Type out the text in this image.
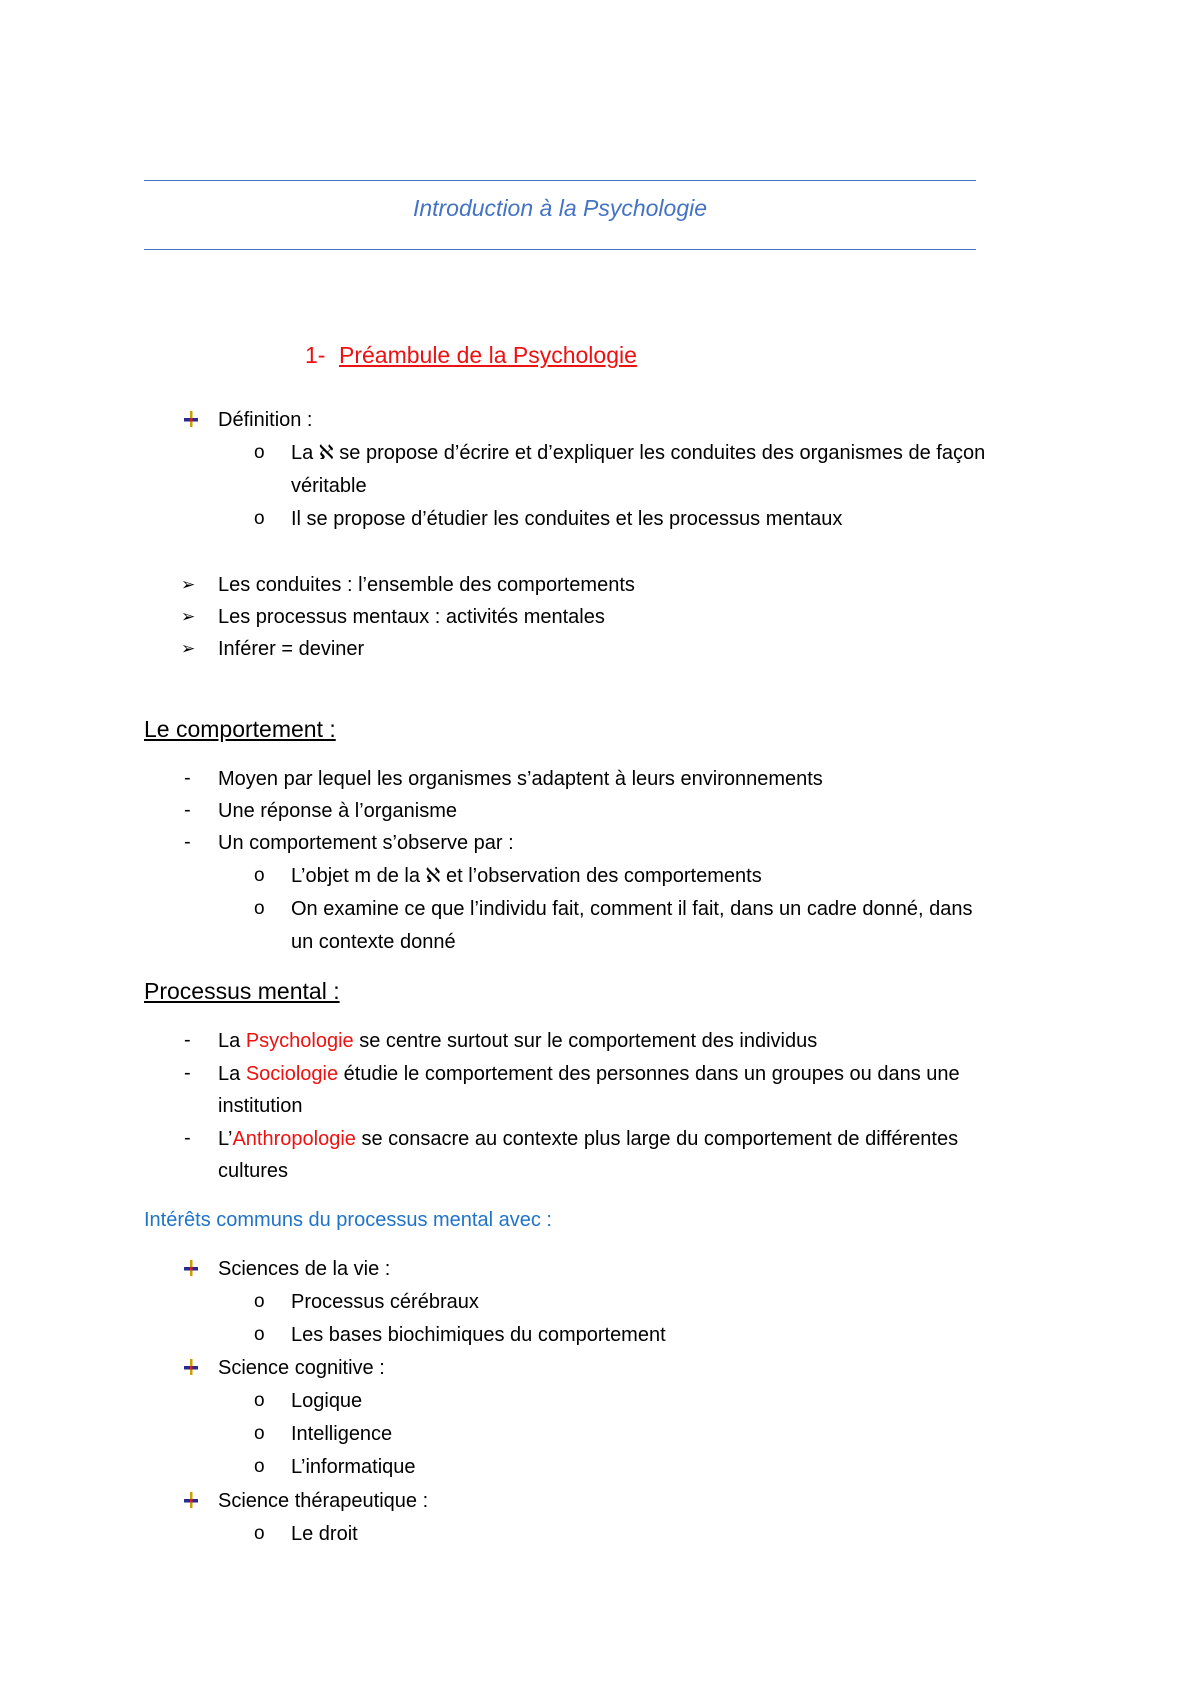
Introduction à la Psychologie
1- Préambule de la Psychologie
Définition :
o La ℵ se propose d’écrire et d’expliquer les conduites des organismes de façon
véritable
o Il se propose d’étudier les conduites et les processus mentaux
➢ Les conduites : l’ensemble des comportements
➢ Les processus mentaux : activités mentales
➢ Inférer = deviner
Le comportement :
- Moyen par lequel les organismes s’adaptent à leurs environnements
- Une réponse à l’organisme
- Un comportement s’observe par :
o L’objet m de la ℵ et l’observation des comportements
o On examine ce que l’individu fait, comment il fait, dans un cadre donné, dans
un contexte donné
Processus mental :
- La Psychologie se centre surtout sur le comportement des individus
- La Sociologie étudie le comportement des personnes dans un groupes ou dans une
institution
- L’Anthropologie se consacre au contexte plus large du comportement de différentes
cultures
Intérêts communs du processus mental avec :
Sciences de la vie :
o Processus cérébraux
o Les bases biochimiques du comportement
Science cognitive :
o Logique
o Intelligence
o L’informatique
Science thérapeutique :
o Le droit
